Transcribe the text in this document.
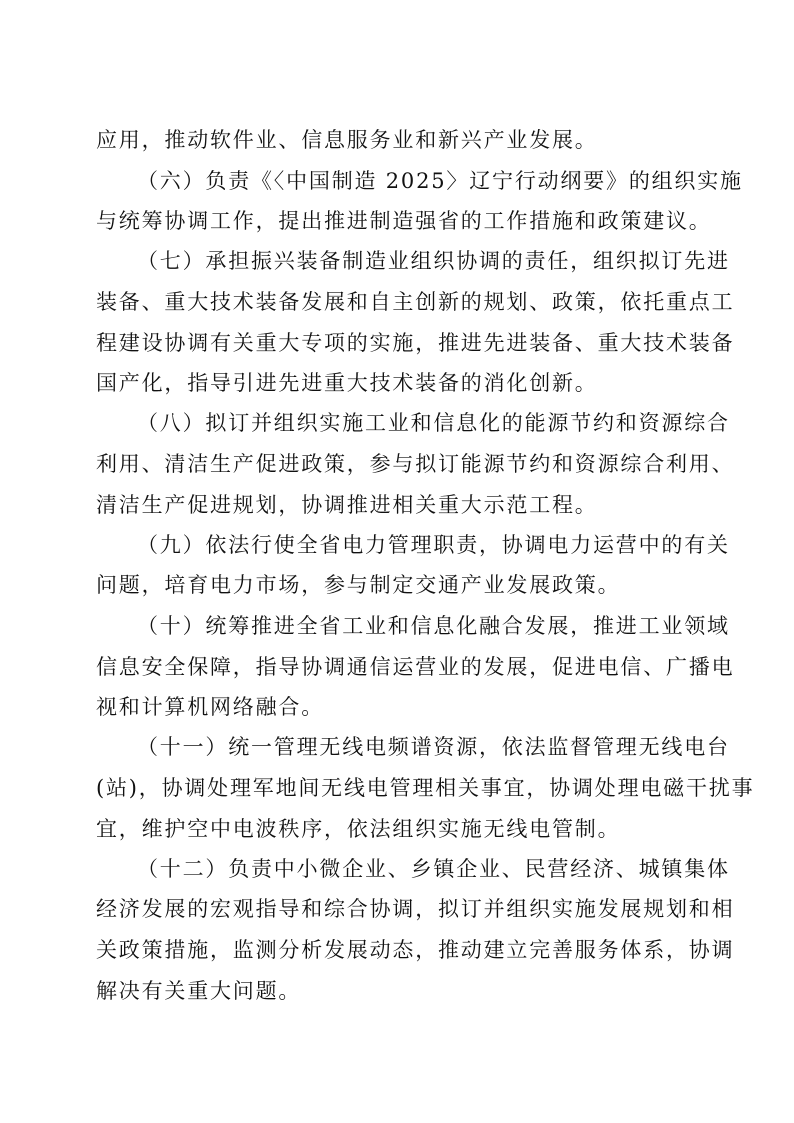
应用，推动软件业、信息服务业和新兴产业发展。
（六）负责《〈中国制造 2025〉辽宁行动纲要》的组织实施
与统筹协调工作，提出推进制造强省的工作措施和政策建议。
（七）承担振兴装备制造业组织协调的责任，组织拟订先进
装备、重大技术装备发展和自主创新的规划、政策，依托重点工
程建设协调有关重大专项的实施，推进先进装备、重大技术装备
国产化，指导引进先进重大技术装备的消化创新。
（八）拟订并组织实施工业和信息化的能源节约和资源综合
利用、清洁生产促进政策，参与拟订能源节约和资源综合利用、
清洁生产促进规划，协调推进相关重大示范工程。
（九）依法行使全省电力管理职责，协调电力运营中的有关
问题，培育电力市场，参与制定交通产业发展政策。
（十）统筹推进全省工业和信息化融合发展，推进工业领域
信息安全保障，指导协调通信运营业的发展，促进电信、广播电
视和计算机网络融合。
（十一）统一管理无线电频谱资源，依法监督管理无线电台
(站)，协调处理军地间无线电管理相关事宜，协调处理电磁干扰事
宜，维护空中电波秩序，依法组织实施无线电管制。
（十二）负责中小微企业、乡镇企业、民营经济、城镇集体
经济发展的宏观指导和综合协调，拟订并组织实施发展规划和相
关政策措施，监测分析发展动态，推动建立完善服务体系，协调
解决有关重大问题。
